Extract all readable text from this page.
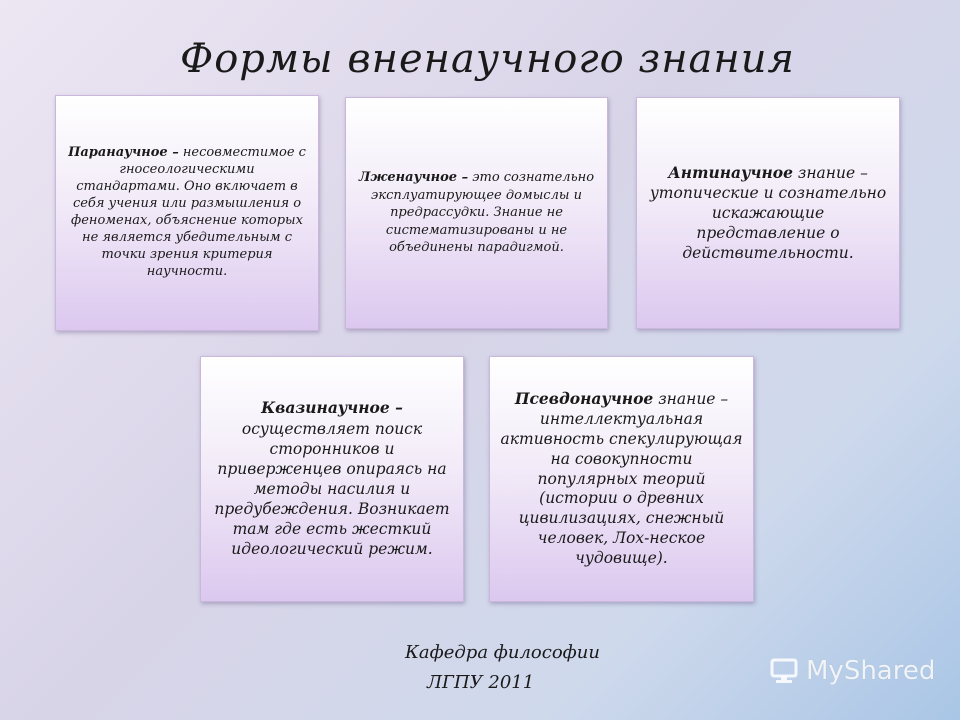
Формы вненаучного знания

Паранаучное – несовместимое с гносеологическими стандартами. Оно включает в себя учения или размышления о феноменах, объяснение которых не является убедительным с точки зрения критерия научности.

Лженаучное – это сознательно эксплуатирующее домыслы и предрассудки. Знание не систематизированы и не объединены парадигмой.

Антинаучное знание – утопические и сознательно искажающие представление о действительности.

Квазинаучное – осуществляет поиск сторонников и приверженцев опираясь на методы насилия и предубеждения. Возникает там где есть жесткий идеологический режим.

Псевдонаучное знание – интеллектуальная активность спекулирующая на совокупности популярных теорий (истории о древних цивилизациях, снежный человек, Лох-неское чудовище).

Кафедра философии
ЛГПУ 2011	MyShared
